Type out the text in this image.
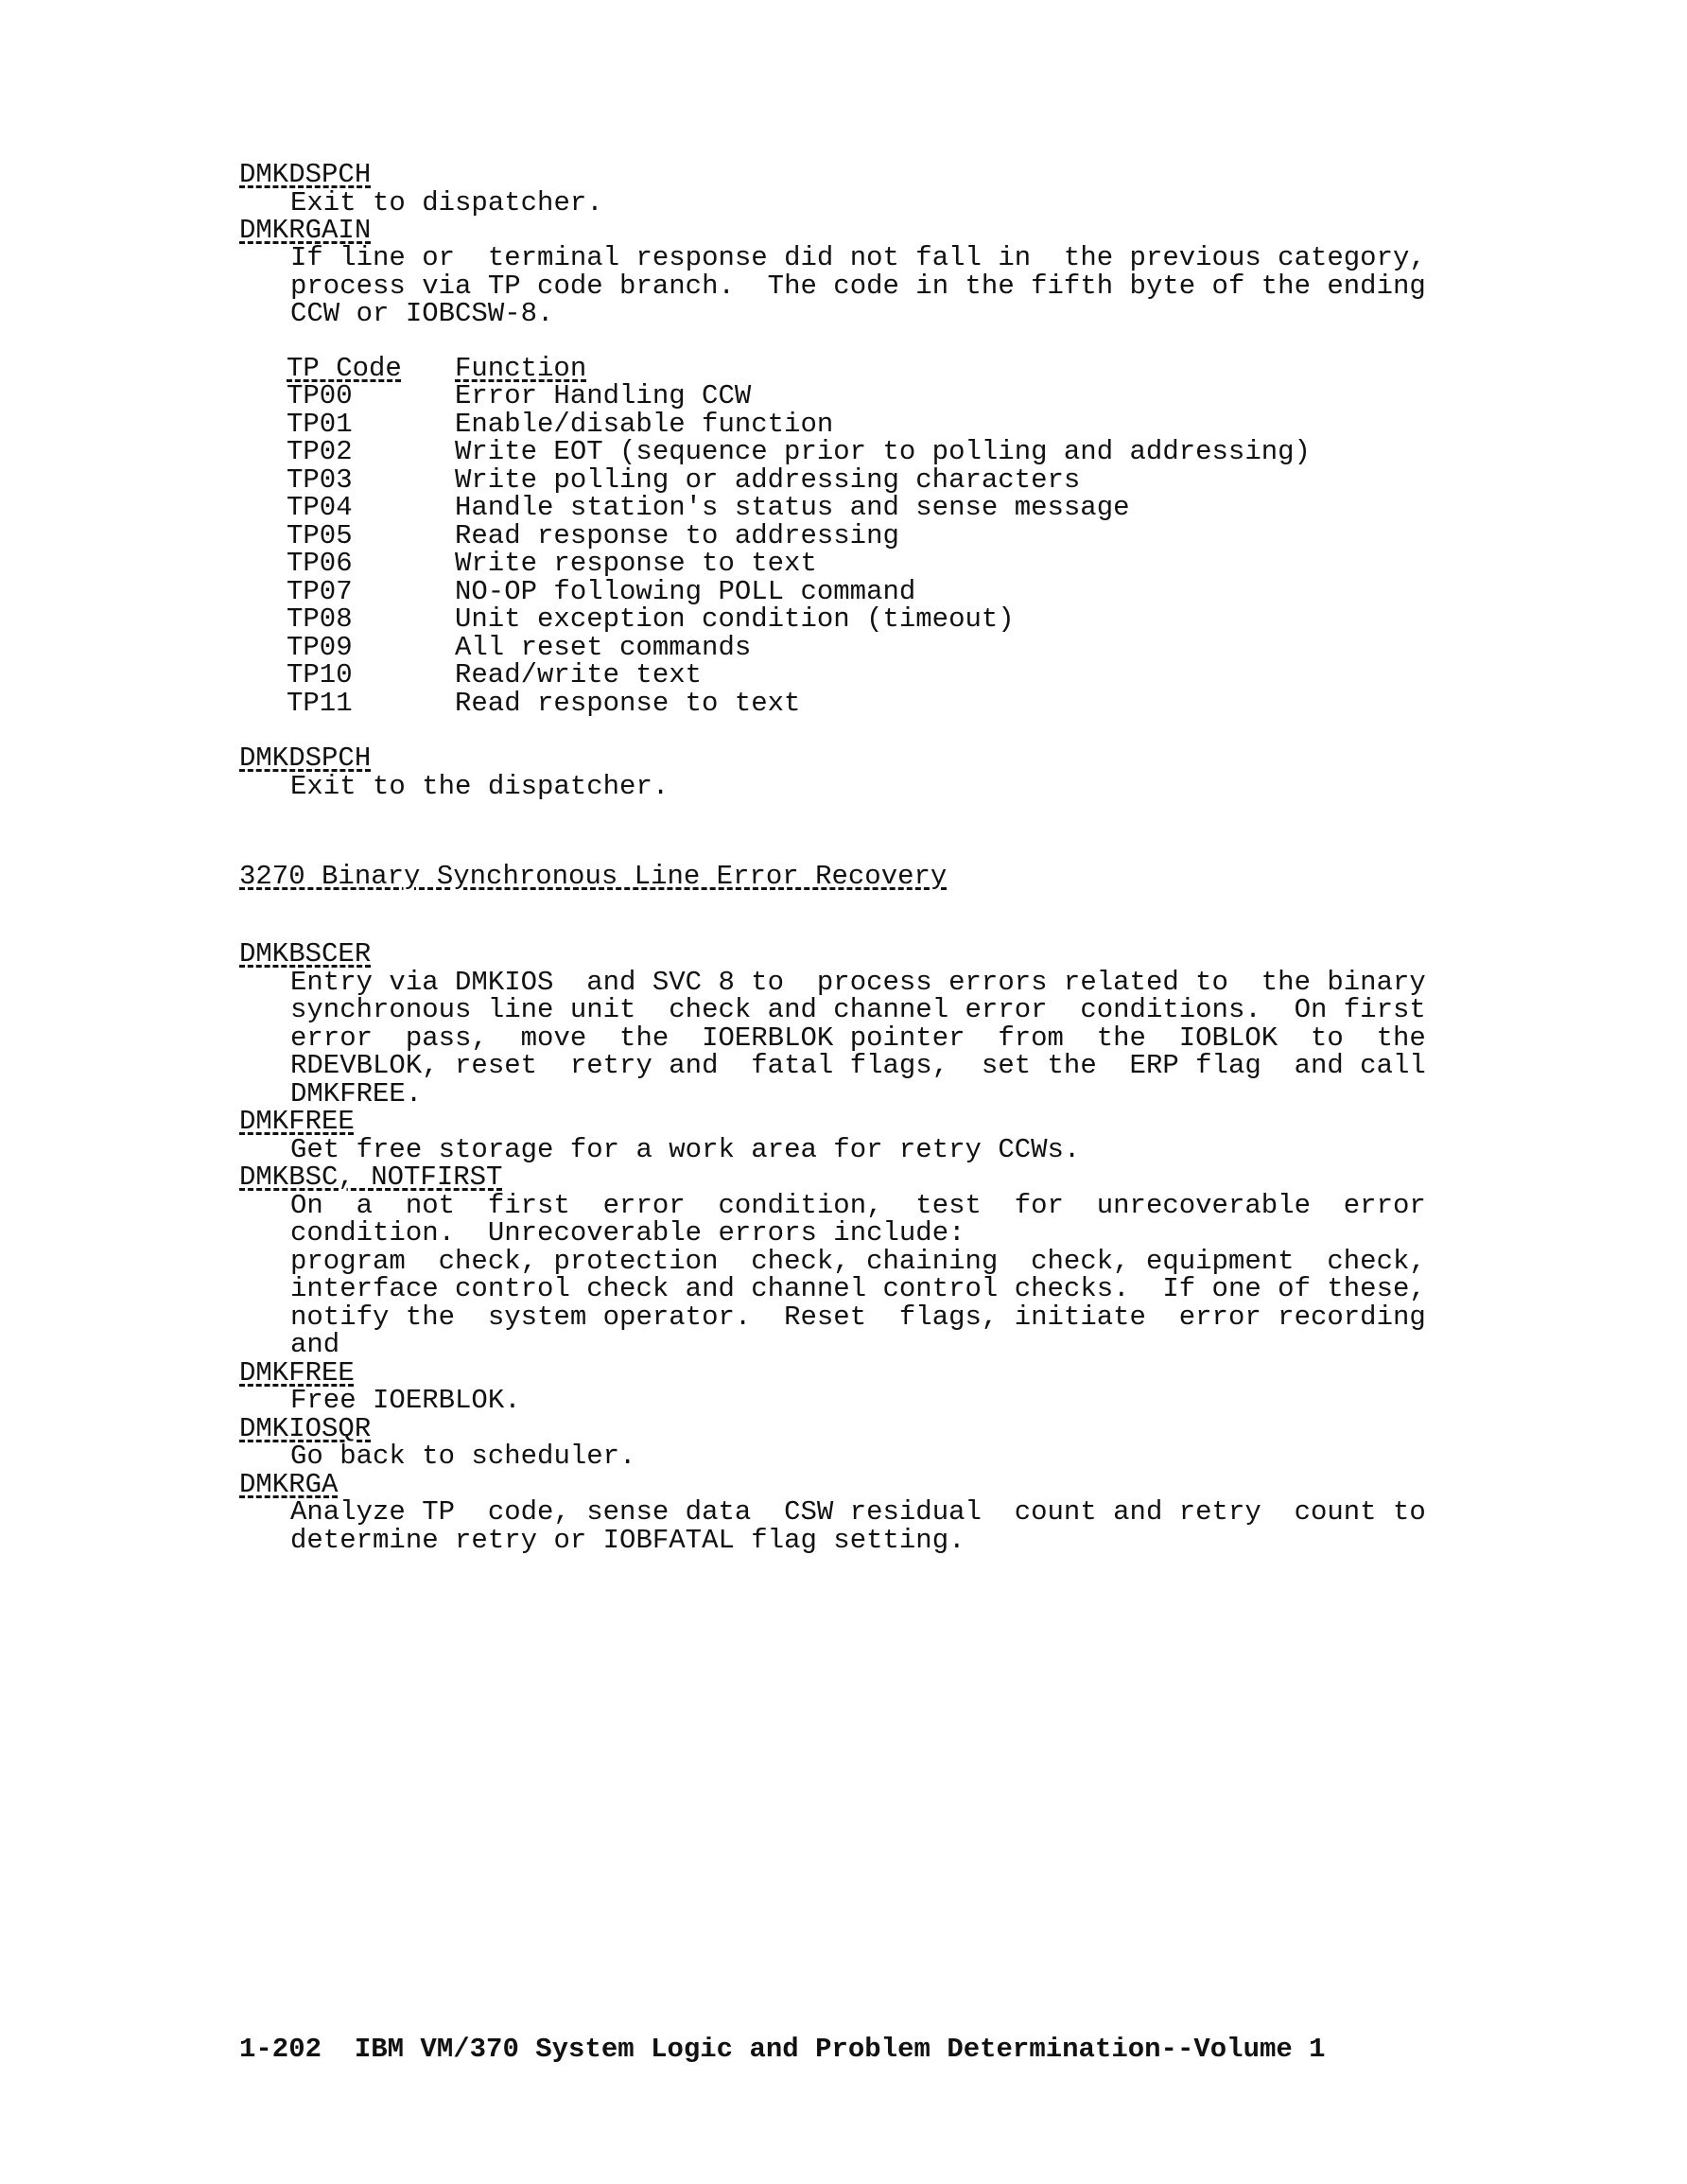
DMKDSPCH
Exit to dispatcher.
DMKRGAIN
If line or  terminal response did not fall in  the previous category,
process via TP code branch.  The code in the fifth byte of the ending
CCW or IOBCSW-8.
TP Code Function
TP00	Error Handling CCW
TP01	Enable/disable function
TP02	Write EOT (sequence prior to polling and addressing)
TP03	Write polling or addressing characters
TP04	Handle station's status and sense message
TP05	Read response to addressing
TP06	Write response to text
TP07	NO-OP following POLL command
TP08	Unit exception condition (timeout)
TP09	All reset commands
TP10	Read/write text
TP11	Read response to text
DMKDSPCH
Exit to the dispatcher.
3270 Binary Synchronous Line Error Recovery
DMKBSCER
Entry via DMKIOS  and SVC 8 to  process errors related to  the binary
synchronous line unit  check and channel error  conditions.  On first
error  pass,  move  the  IOERBLOK pointer  from  the  IOBLOK  to  the
RDEVBLOK, reset  retry and  fatal flags,  set the  ERP flag  and call
DMKFREE.
DMKFREE
Get free storage for a work area for retry CCWs.
DMKBSC, NOTFIRST
On  a  not  first  error  condition,  test  for  unrecoverable  error
condition.  Unrecoverable errors include:
program  check, protection  check, chaining  check, equipment  check,
interface control check and channel control checks.  If one of these,
notify the  system operator.  Reset  flags, initiate  error recording
and
DMKFREE
Free IOERBLOK.
DMKIOSQR
Go back to scheduler.
DMKRGA
Analyze TP  code, sense data  CSW residual  count and retry  count to
determine retry or IOBFATAL flag setting.
1-202  IBM VM/370 System Logic and Problem Determination--Volume 1
